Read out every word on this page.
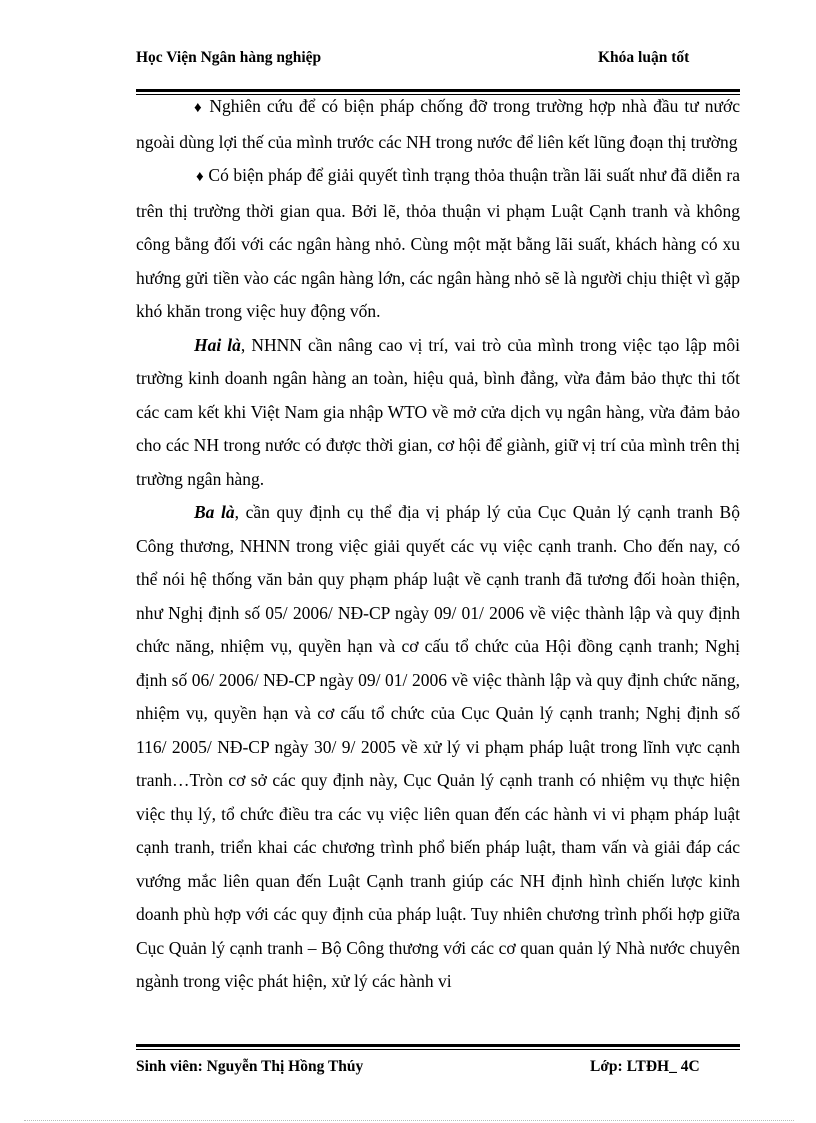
Học Viện Ngân hàng nghiệp	Khóa luận tốt

♦ Nghiên cứu để có biện pháp chống đỡ trong trường hợp nhà đầu tư nước ngoài dùng lợi thế của mình trước các NH trong nước để liên kết lũng đoạn thị trường

♦ Có biện pháp để giải quyết tình trạng thỏa thuận trần lãi suất như đã diễn ra trên thị trường thời gian qua. Bởi lẽ, thỏa thuận vi phạm Luật Cạnh tranh và không công bằng đối với các ngân hàng nhỏ. Cùng một mặt bằng lãi suất, khách hàng có xu hướng gửi tiền vào các ngân hàng lớn, các ngân hàng nhỏ sẽ là người chịu thiệt vì gặp khó khăn trong việc huy động vốn.

Hai là, NHNN cần nâng cao vị trí, vai trò của mình trong việc tạo lập môi trường kinh doanh ngân hàng an toàn, hiệu quả, bình đẳng, vừa đảm bảo thực thi tốt các cam kết khi Việt Nam gia nhập WTO về mở cửa dịch vụ ngân hàng, vừa đảm bảo cho các NH trong nước có được thời gian, cơ hội để giành, giữ vị trí của mình trên thị trường ngân hàng.

Ba là, cần quy định cụ thể địa vị pháp lý của Cục Quản lý cạnh tranh Bộ Công thương, NHNN trong việc giải quyết các vụ việc cạnh tranh. Cho đến nay, có thể nói hệ thống văn bản quy phạm pháp luật về cạnh tranh đã tương đối hoàn thiện, như Nghị định số 05/ 2006/ NĐ-CP ngày 09/ 01/ 2006 về việc thành lập và quy định chức năng, nhiệm vụ, quyền hạn và cơ cấu tổ chức của Hội đồng cạnh tranh; Nghị định số 06/ 2006/ NĐ-CP ngày 09/ 01/ 2006 về việc thành lập và quy định chức năng, nhiệm vụ, quyền hạn và cơ cấu tổ chức của Cục Quản lý cạnh tranh; Nghị định số 116/ 2005/ NĐ-CP ngày 30/ 9/ 2005 về xử lý vi phạm pháp luật trong lĩnh vực cạnh tranh…Tròn cơ sở các quy định này, Cục Quản lý cạnh tranh có nhiệm vụ thực hiện việc thụ lý, tổ chức điều tra các vụ việc liên quan đến các hành vi vi phạm pháp luật cạnh tranh, triển khai các chương trình phổ biến pháp luật, tham vấn và giải đáp các vướng mắc liên quan đến Luật Cạnh tranh giúp các NH định hình chiến lược kinh doanh phù hợp với các quy định của pháp luật. Tuy nhiên chương trình phối hợp giữa Cục Quản lý cạnh tranh – Bộ Công thương với các cơ quan quản lý Nhà nước chuyên ngành trong việc phát hiện, xử lý các hành vi

Sinh viên: Nguyễn Thị Hồng Thúy	Lớp: LTĐH_ 4C
